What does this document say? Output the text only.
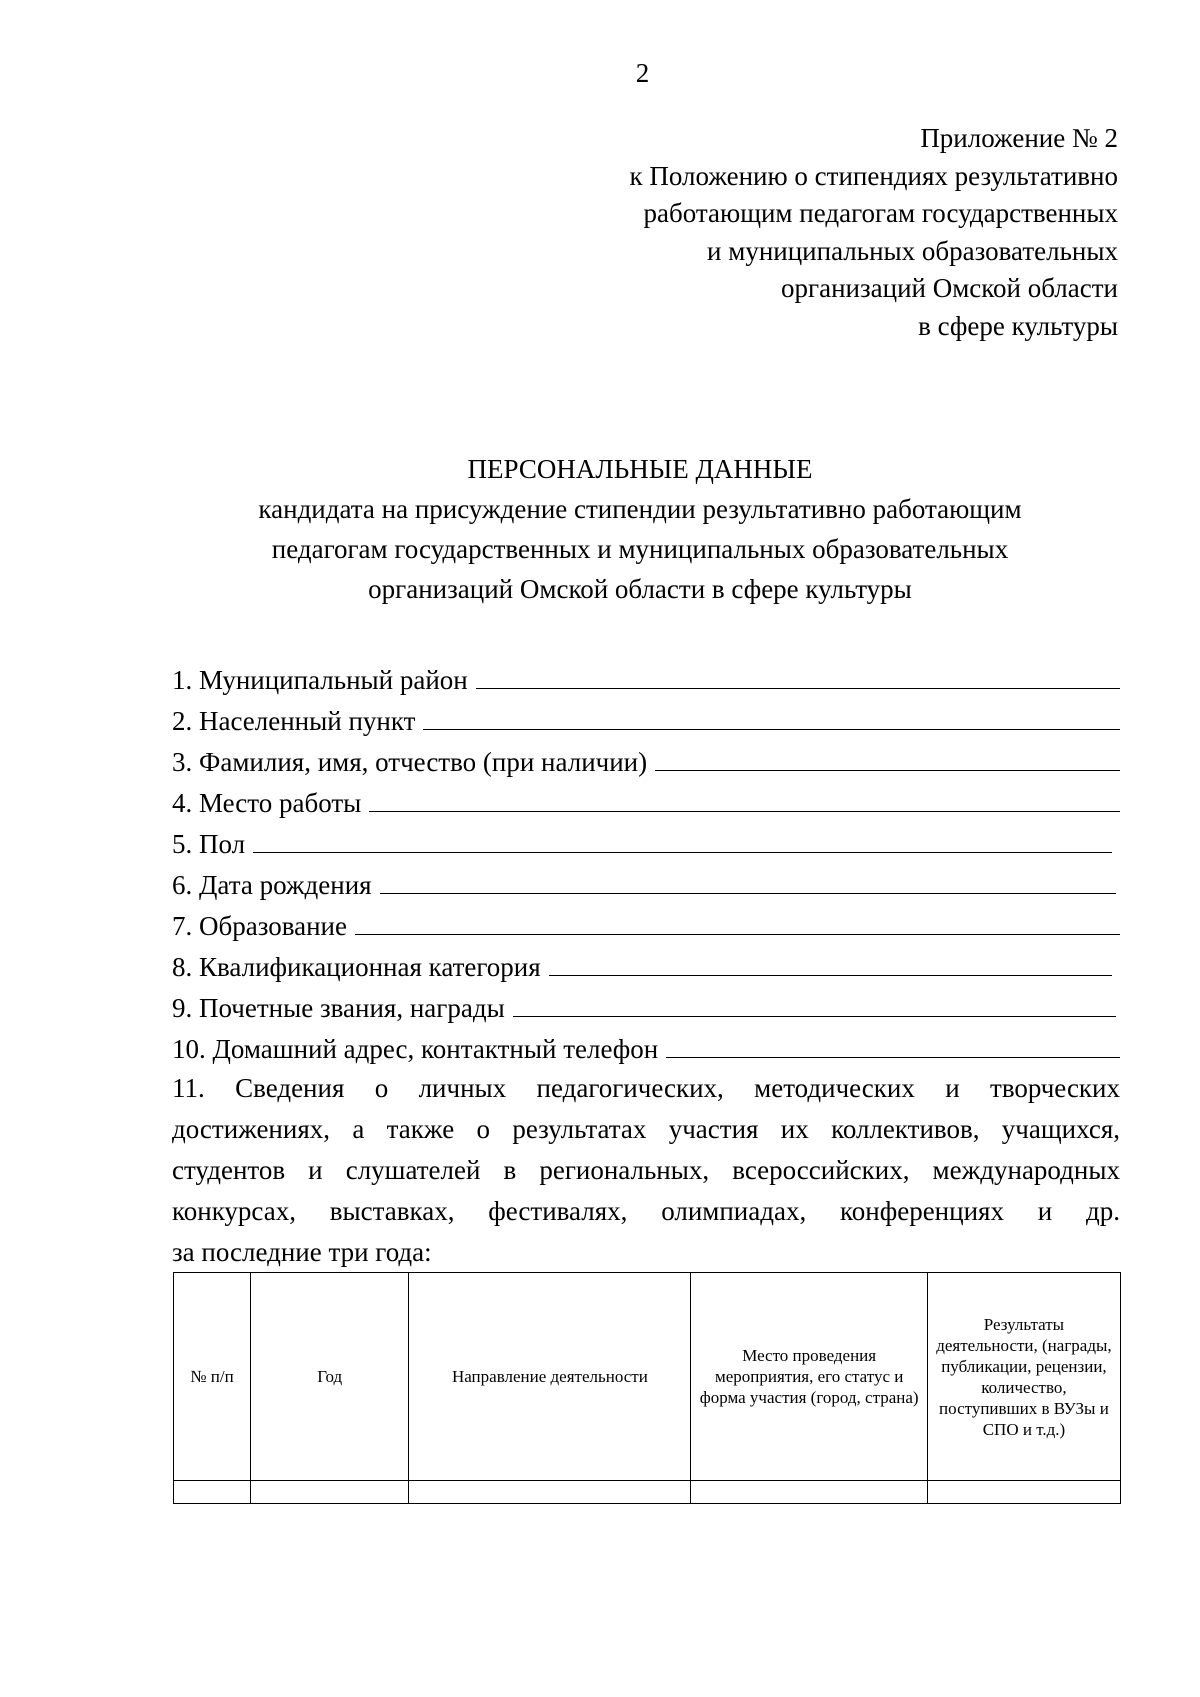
2
Приложение № 2
к Положению о стипендиях результативно
работающим педагогам государственных
и муниципальных образовательных
организаций Омской области
в сфере культуры
ПЕРСОНАЛЬНЫЕ ДАННЫЕ
кандидата на присуждение стипендии результативно работающим
педагогам государственных и муниципальных образовательных
организаций Омской области в сфере культуры
1. Муниципальный район
2. Населенный пункт
3. Фамилия, имя, отчество (при наличии)
4. Место работы
5. Пол
6. Дата рождения
7. Образование
8. Квалификационная категория
9. Почетные звания, награды
10. Домашний адрес, контактный телефон
11. Сведения о личных педагогических, методических и творческих
достижениях, а также о результатах участия их коллективов, учащихся,
студентов и слушателей в региональных, всероссийских, международных
конкурсах, выставках, фестивалях, олимпиадах, конференциях и др.
за последние три года:
№ п/п	Год	Направление деятельности	Место проведения мероприятия, его статус и форма участия (город, страна)	Результаты деятельности, (награды, публикации, рецензии, количество, поступивших в ВУЗы и СПО и т.д.)
